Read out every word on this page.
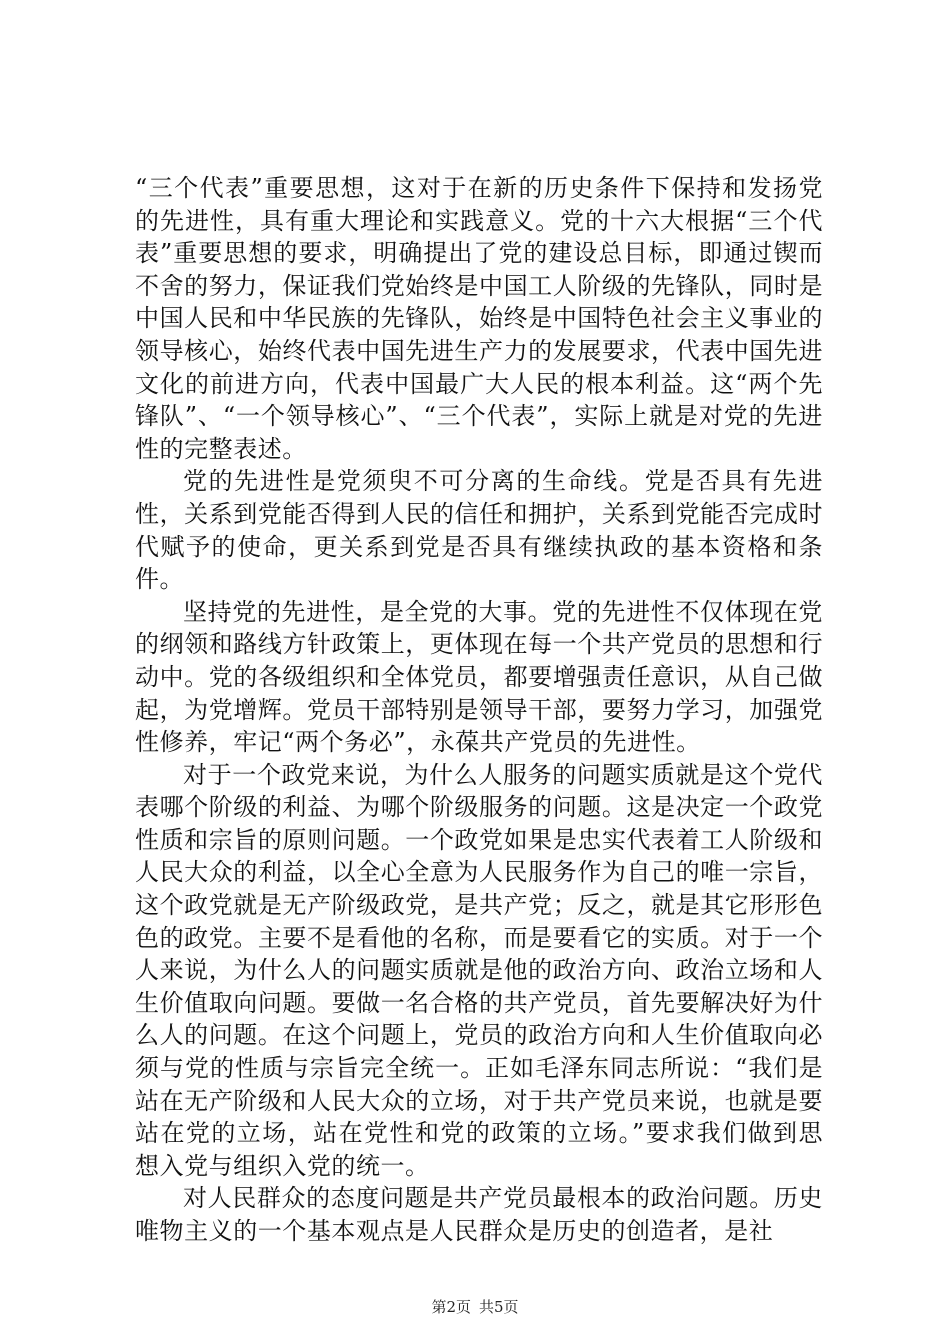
“三个代表”重要思想，这对于在新的历史条件下保持和发扬党的先进性，具有重大理论和实践意义。党的十六大根据“三个代表”重要思想的要求，明确提出了党的建设总目标，即通过锲而不舍的努力，保证我们党始终是中国工人阶级的先锋队，同时是中国人民和中华民族的先锋队，始终是中国特色社会主义事业的领导核心，始终代表中国先进生产力的发展要求，代表中国先进文化的前进方向，代表中国最广大人民的根本利益。这“两个先锋队”、“一个领导核心”、“三个代表”，实际上就是对党的先进性的完整表述。

党的先进性是党须臾不可分离的生命线。党是否具有先进性，关系到党能否得到人民的信任和拥护，关系到党能否完成时代赋予的使命，更关系到党是否具有继续执政的基本资格和条件。

坚持党的先进性，是全党的大事。党的先进性不仅体现在党的纲领和路线方针政策上，更体现在每一个共产党员的思想和行动中。党的各级组织和全体党员，都要增强责任意识，从自己做起，为党增辉。党员干部特别是领导干部，要努力学习，加强党性修养，牢记“两个务必”，永葆共产党员的先进性。

对于一个政党来说，为什么人服务的问题实质就是这个党代表哪个阶级的利益、为哪个阶级服务的问题。这是决定一个政党性质和宗旨的原则问题。一个政党如果是忠实代表着工人阶级和人民大众的利益，以全心全意为人民服务作为自己的唯一宗旨，这个政党就是无产阶级政党，是共产党；反之，就是其它形形色色的政党。主要不是看他的名称，而是要看它的实质。对于一个人来说，为什么人的问题实质就是他的政治方向、政治立场和人生价值取向问题。要做一名合格的共产党员，首先要解决好为什么人的问题。在这个问题上，党员的政治方向和人生价值取向必须与党的性质与宗旨完全统一。正如毛泽东同志所说：“我们是站在无产阶级和人民大众的立场，对于共产党员来说，也就是要站在党的立场，站在党性和党的政策的立场。”要求我们做到思想入党与组织入党的统一。

对人民群众的态度问题是共产党员最根本的政治问题。历史唯物主义的一个基本观点是人民群众是历史的创造者，是社

第2页 共5页
